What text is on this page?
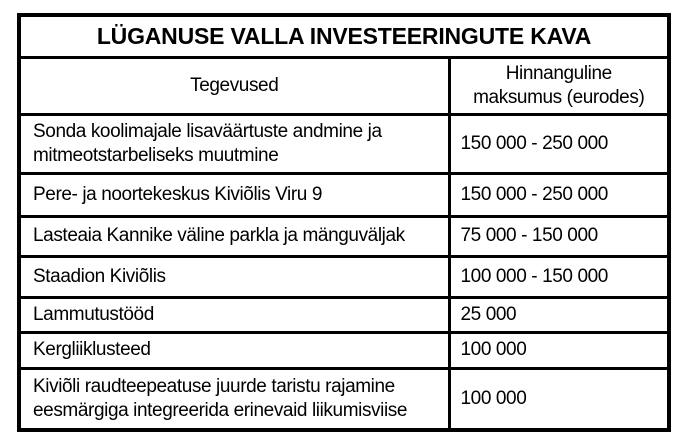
LÜGANUSE VALLA INVESTEERINGUTE KAVA	
Tegevused	Hinnanguline maksumus (eurodes)

Sonda koolimajale lisaväärtuste andmine ja mitmeotstarbeliseks muutmine	150 000 - 250 000
Pere- ja noortekeskus Kiviõlis Viru 9	150 000 - 250 000
Lasteaia Kannike väline parkla ja mänguväljak	75 000 - 150 000
Staadion Kiviõlis	100 000 - 150 000
Lammutustööd	25 000
Kergliiklusteed	100 000
Kiviõli raudteepeatuse juurde taristu rajamine eesmärgiga integreerida erinevaid liikumisviise	100 000
